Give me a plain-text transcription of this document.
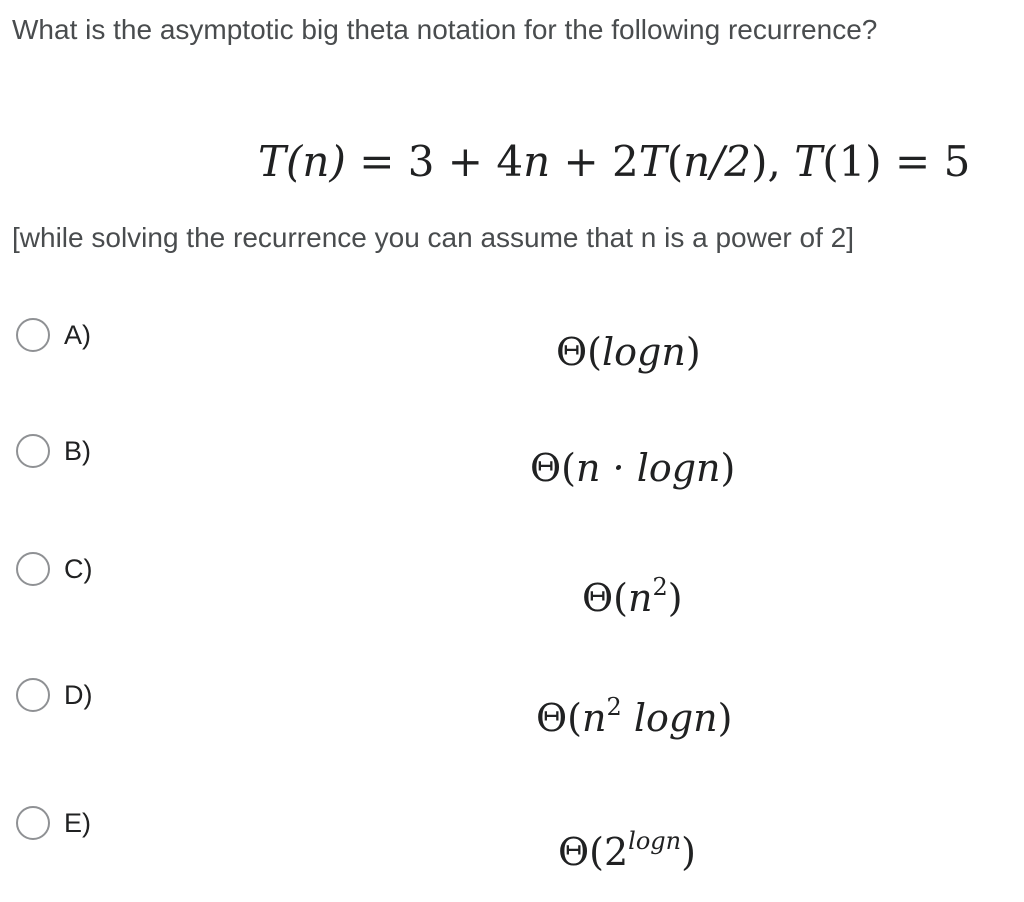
What is the asymptotic big theta notation for the following recurrence?
T(n) = 3 + 4n + 2T(n/2), T(1) = 5
[while solving the recurrence you can assume that n is a power of 2]
A)	Θ(logn)
B)	Θ(n · logn)
C)
$\Theta(n^2)$
D)
$\Theta(n^2$ logn)
E)
$\Theta(2^{logn})$
